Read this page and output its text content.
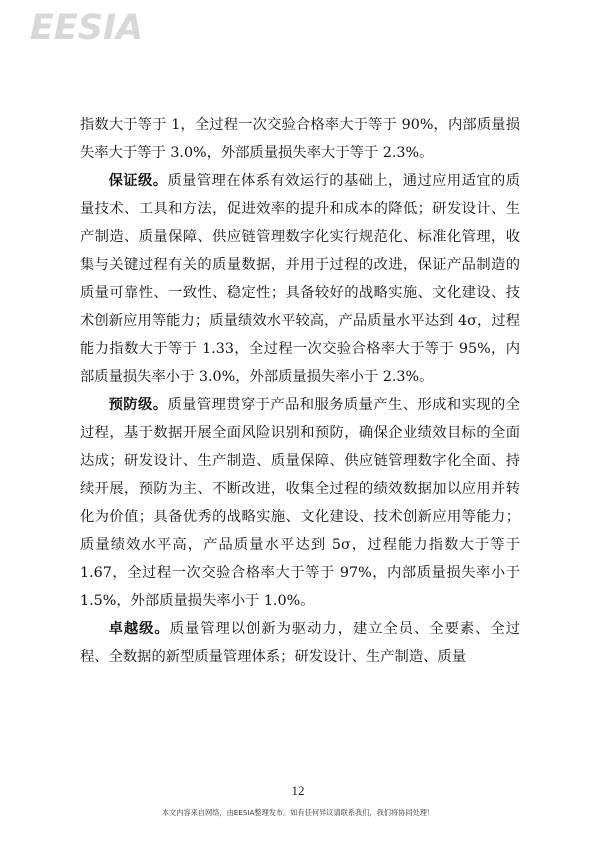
EESIA

指数大于等于 1，全过程一次交验合格率大于等于 90%，内部质量损失率大于等于 3.0%，外部质量损失率大于等于 2.3%。

保证级。质量管理在体系有效运行的基础上，通过应用适宜的质量技术、工具和方法，促进效率的提升和成本的降低；研发设计、生产制造、质量保障、供应链管理数字化实行规范化、标准化管理，收集与关键过程有关的质量数据，并用于过程的改进，保证产品制造的质量可靠性、一致性、稳定性；具备较好的战略实施、文化建设、技术创新应用等能力；质量绩效水平较高，产品质量水平达到 4σ，过程能力指数大于等于 1.33，全过程一次交验合格率大于等于 95%，内部质量损失率小于 3.0%，外部质量损失率小于 2.3%。

预防级。质量管理贯穿于产品和服务质量产生、形成和实现的全过程，基于数据开展全面风险识别和预防，确保企业绩效目标的全面达成；研发设计、生产制造、质量保障、供应链管理数字化全面、持续开展，预防为主、不断改进，收集全过程的绩效数据加以应用并转化为价值；具备优秀的战略实施、文化建设、技术创新应用等能力；质量绩效水平高，产品质量水平达到 5σ，过程能力指数大于等于 1.67，全过程一次交验合格率大于等于 97%，内部质量损失率小于 1.5%，外部质量损失率小于 1.0%。

卓越级。质量管理以创新为驱动力，建立全员、全要素、全过程、全数据的新型质量管理体系；研发设计、生产制造、质量

12
本文内容来自网络，由EESIA整理发布。如有任何异议请联系我们，我们将协同处理！
